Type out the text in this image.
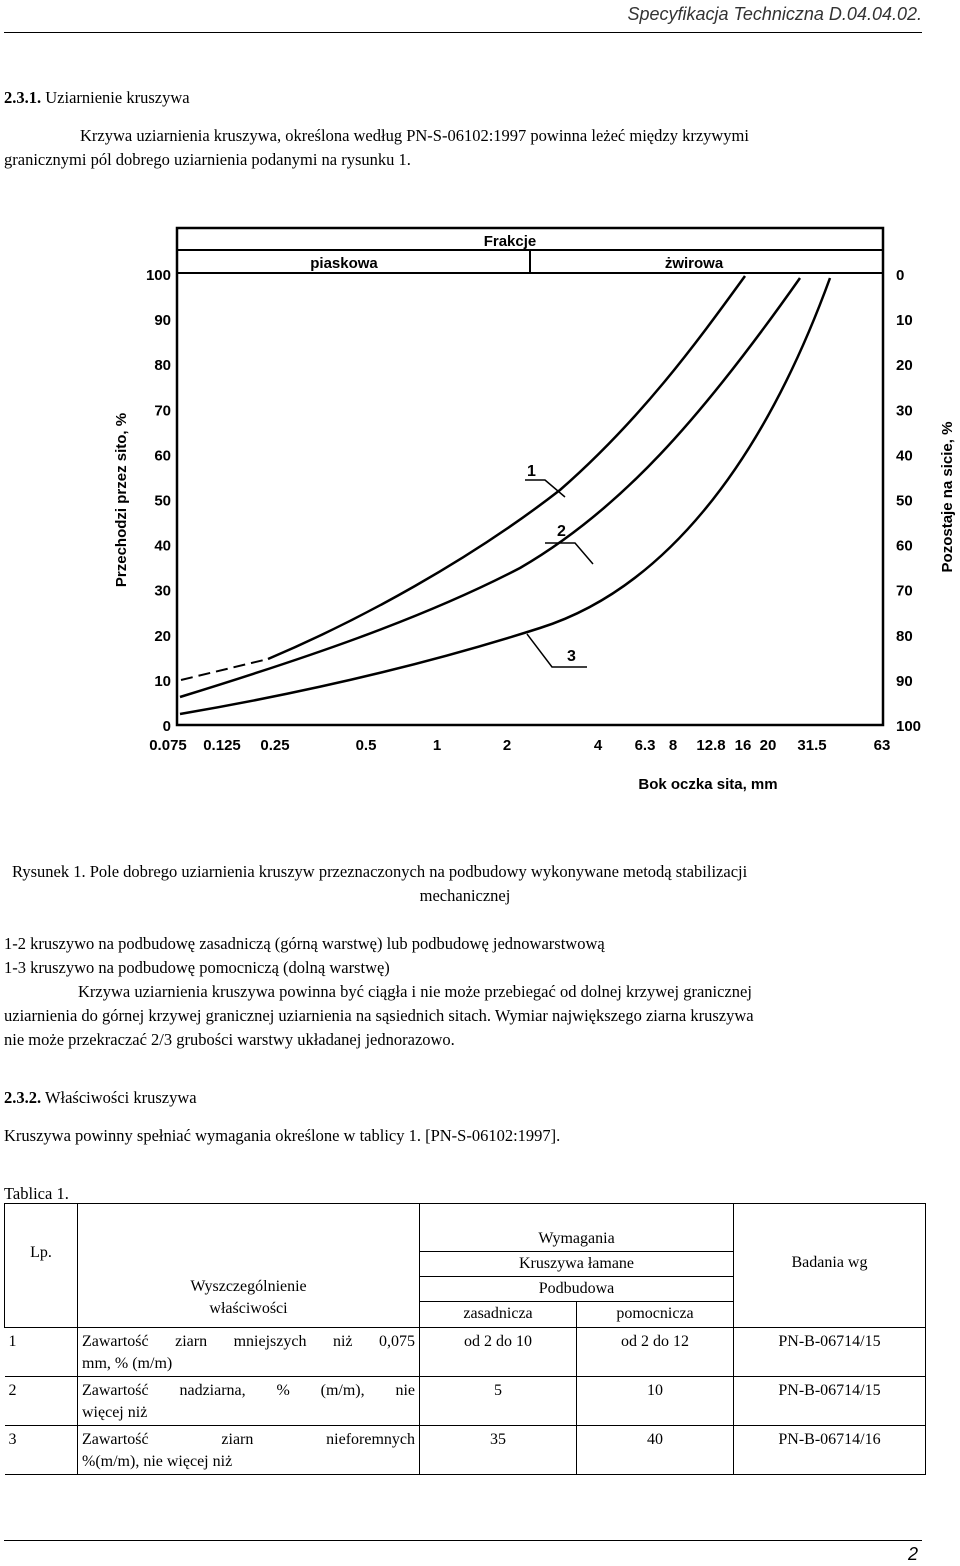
Specyfikacja Techniczna D.04.04.02.
2.3.1. Uziarnienie kruszywa
Krzywa uziarnienia kruszywa, określona według PN-S-06102:1997 powinna leżeć między krzywymi
granicznymi pól dobrego uziarnienia podanymi na rysunku 1.
Frakcje
piaskowa	żwirowa
1
2
3
0
10
20
30
40
50
60
70
80
90
100
100
90
80
70
60
50
40
30
20
10
0
0.075 0.125 0.25	0.5	1	2	4 6.3 8 12.8 16 20 31.5	63
Przechodzi przez sito, %	Pozostaje na sicie, %
Bok oczka sita, mm
Rysunek 1. Pole dobrego uziarnienia kruszyw przeznaczonych na podbudowy wykonywane metodą stabilizacji
mechanicznej
1-2 kruszywo na podbudowę zasadniczą (górną warstwę) lub podbudowę jednowarstwową
1-3 kruszywo na podbudowę pomocniczą (dolną warstwę)
Krzywa uziarnienia kruszywa powinna być ciągła i nie może przebiegać od dolnej krzywej granicznej
uziarnienia do górnej krzywej granicznej uziarnienia na sąsiednich sitach. Wymiar największego ziarna kruszywa
nie może przekraczać 2/3 grubości warstwy układanej jednorazowo.
2.3.2. Właściwości kruszywa
Kruszywa powinny spełniać wymagania określone w tablicy 1. [PN-S-06102:1997].
Tablica 1.
Lp.	Wyszczególnienie
właściwości	Wymagania		Badania wg
		Kruszywa łamane		
		Podbudowa		
		zasadnicza	pomocnicza	
1	Zawartość ziarn mniejszych niż 0,075
mm, % (m/m)	od 2 do 10	od 2 do 12	PN-B-06714/15
2	Zawartość nadziarna, % (m/m), nie
więcej niż	5	10	PN-B-06714/15
3	Zawartość ziarn nieforemnych
%(m/m), nie więcej niż	35	40	PN-B-06714/16
2
